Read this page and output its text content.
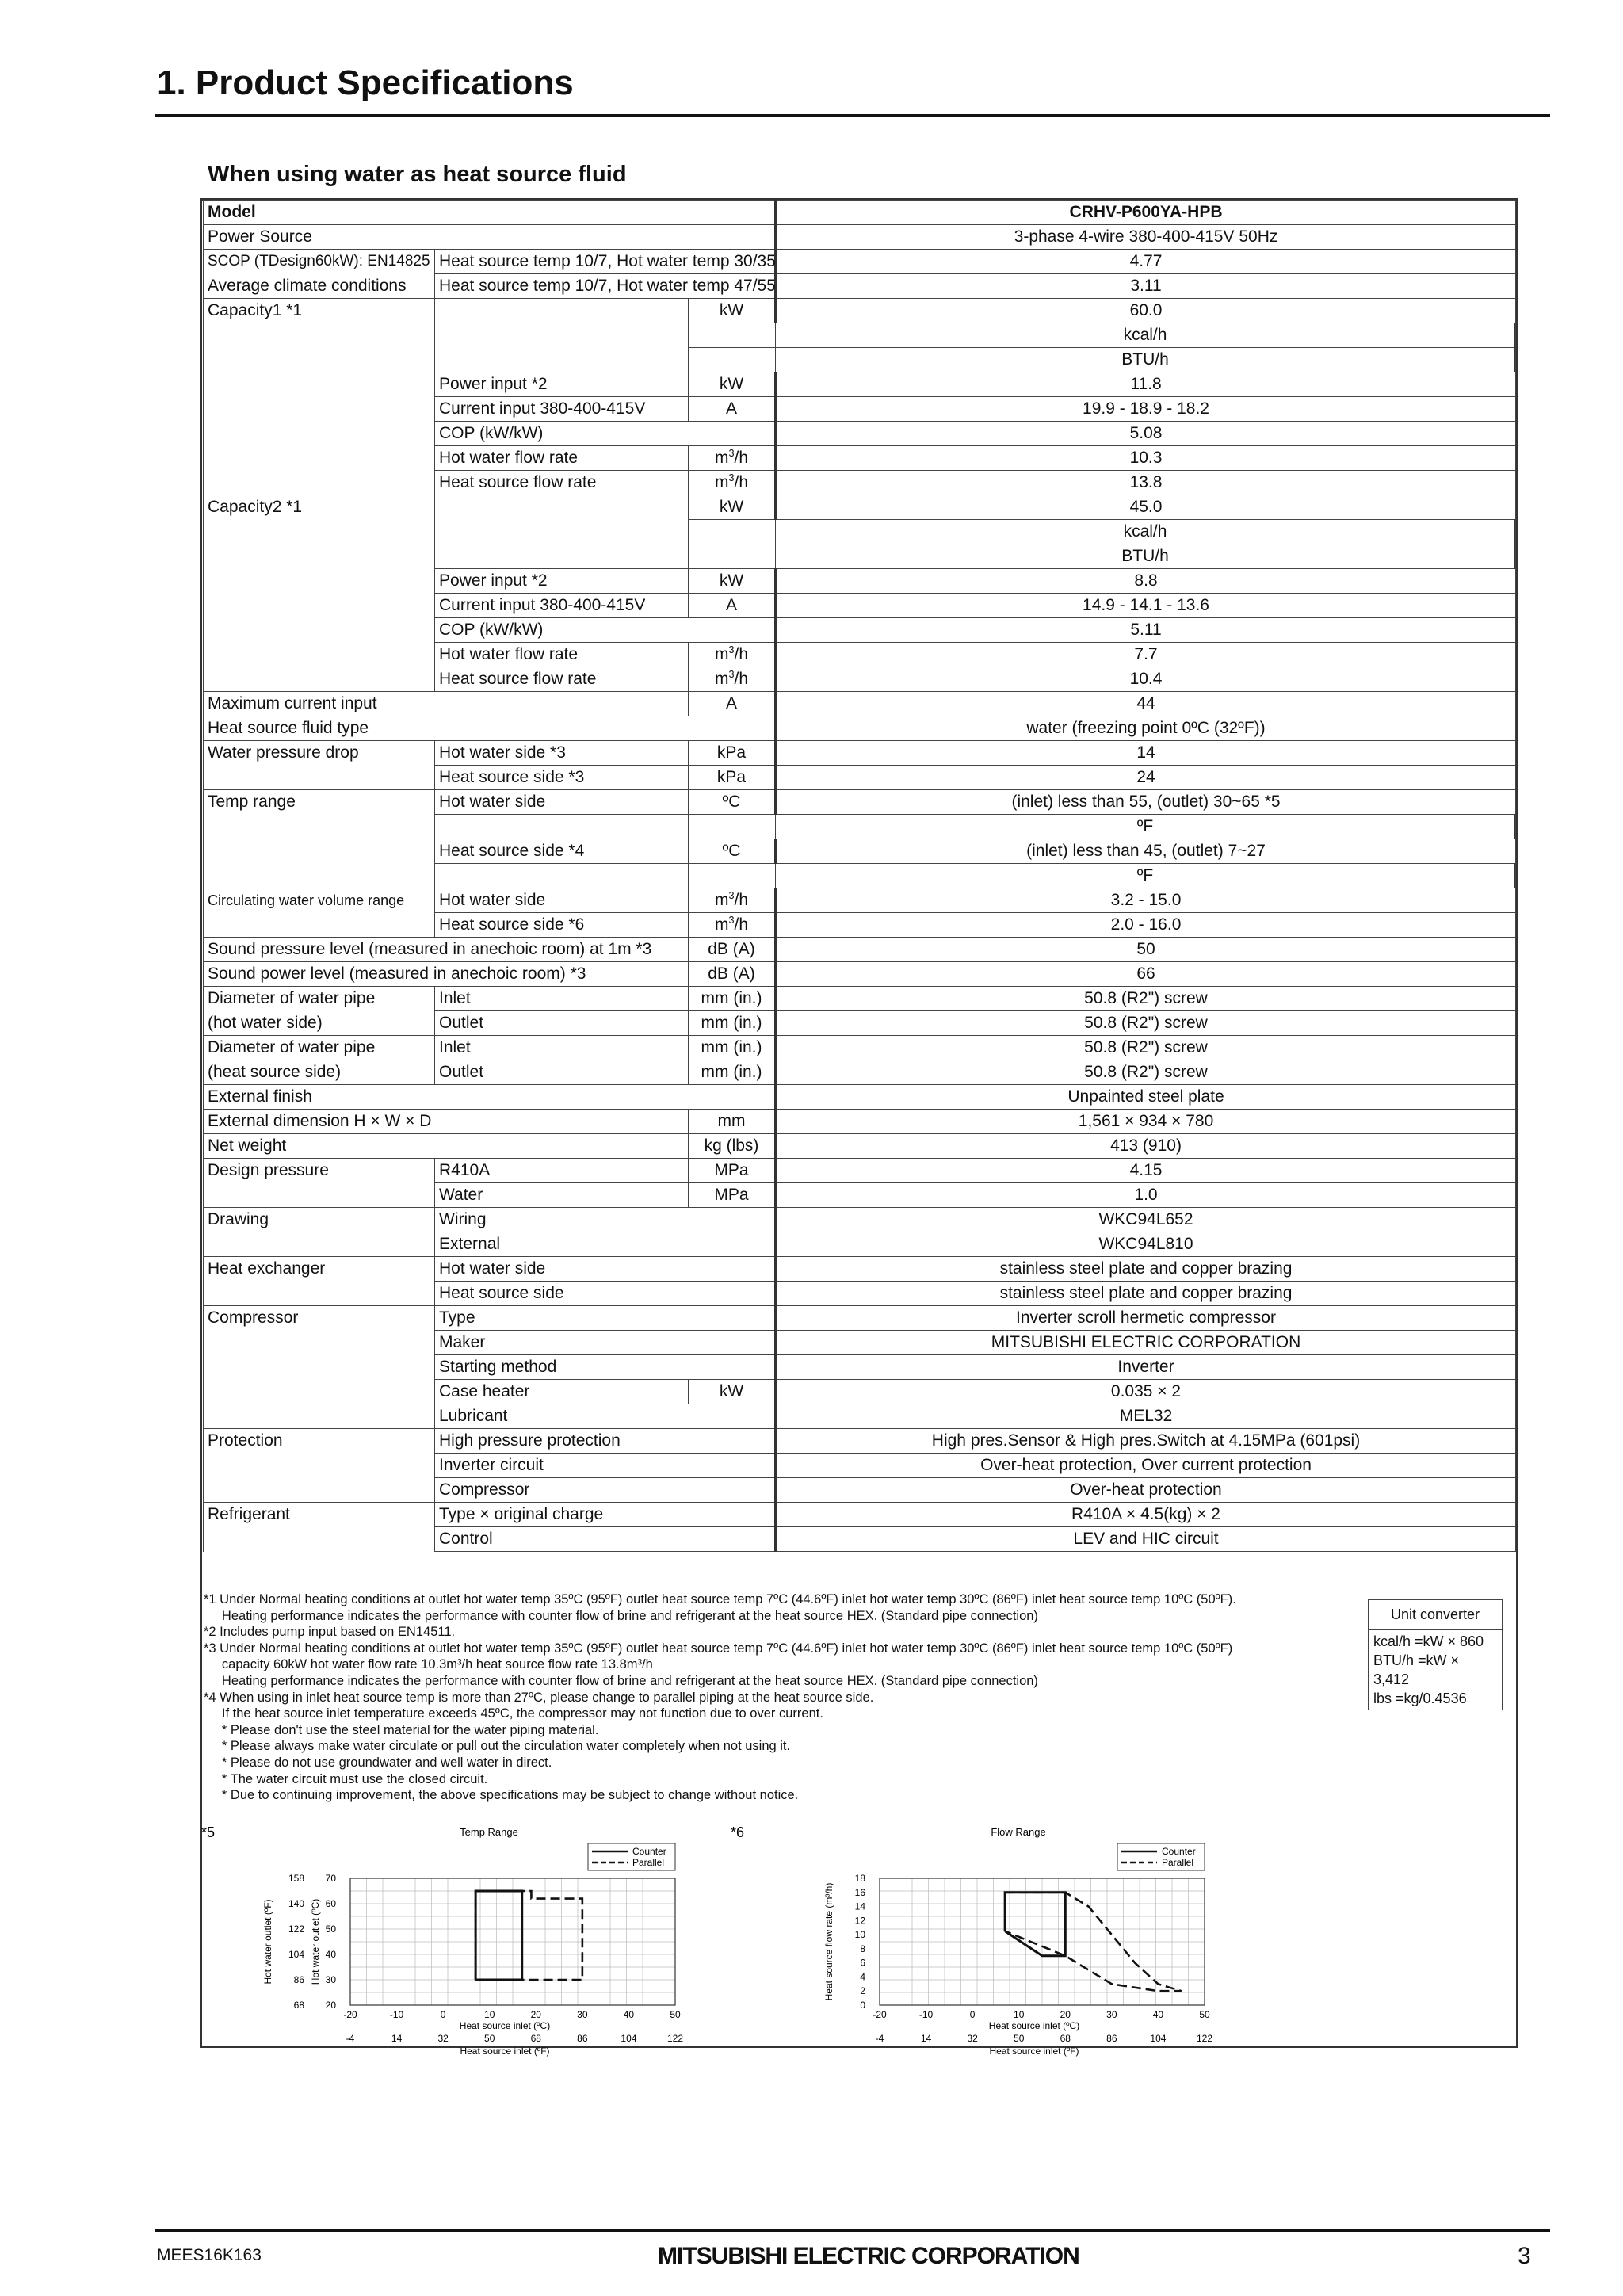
1. Product Specifications
When using water as heat source fluid
Model			CRHV-P600YA-HPB	
Power Source			3-phase 4-wire 380-400-415V 50Hz	
SCOP (TDesign60kW): EN14825	Heat source temp 10/7, Hot water temp 30/35		4.77	
Average climate conditions	Heat source temp 10/7, Hot water temp 47/55		3.11	
Capacity1 *1		kW	60.0	
			kcal/h	
			BTU/h	
	Power input *2	kW	11.8	
	Current input 380-400-415V	A	19.9 - 18.9 - 18.2	
	COP (kW/kW)		5.08	
	Hot water flow rate	$m^3/h$	10.3	
	Heat source flow rate	$m^3/h$	13.8	
Capacity2 *1		kW	45.0	
			kcal/h	
			BTU/h	
	Power input *2	kW	8.8	
	Current input 380-400-415V	A	14.9 - 14.1 - 13.6	
	COP (kW/kW)		5.11	
	Hot water flow rate	$m^3/h$	7.7	
	Heat source flow rate	$m^3/h$	10.4	
Maximum current input		A	44	
Heat source fluid type			water (freezing point 0ºC (32ºF))	
Water pressure drop	Hot water side *3	kPa	14	
	Heat source side *3	kPa	24	
Temp range	Hot water side	ºC	(inlet) less than 55, (outlet) 30~65 *5	
			ºF	
	Heat source side *4	ºC	(inlet) less than 45, (outlet) 7~27	
			ºF	
Circulating water volume range	Hot water side	$m^3/h$	3.2 - 15.0	
	Heat source side *6	$m^3/h$	2.0 - 16.0	
Sound pressure level (measured in anechoic room) at 1m *3		dB (A)	50	
Sound power level (measured in anechoic room) *3		dB (A)	66	
Diameter of water pipe	Inlet	mm (in.)	50.8 (R2") screw	
(hot water side)	Outlet	mm (in.)	50.8 (R2") screw	
Diameter of water pipe	Inlet	mm (in.)	50.8 (R2") screw	
(heat source side)	Outlet	mm (in.)	50.8 (R2") screw	
External finish			Unpainted steel plate	
External dimension H × W × D		mm	1,561 × 934 × 780	
Net weight		kg (lbs)	413 (910)	
Design pressure	R410A	MPa	4.15	
	Water	MPa	1.0	
Drawing	Wiring		WKC94L652	
	External		WKC94L810	
Heat exchanger	Hot water side		stainless steel plate and copper brazing	
	Heat source side		stainless steel plate and copper brazing	
Compressor	Type		Inverter scroll hermetic compressor	
	Maker		MITSUBISHI ELECTRIC CORPORATION	
	Starting method		Inverter	
	Case heater	kW	0.035 × 2	
	Lubricant		MEL32	
Protection	High pressure protection		High pres.Sensor & High pres.Switch at 4.15MPa (601psi)	
	Inverter circuit		Over-heat protection, Over current protection	
	Compressor		Over-heat protection	
Refrigerant	Type × original charge		R410A × 4.5(kg) × 2	
	Control		LEV and HIC circuit	
*1 Under Normal heating conditions at outlet hot water temp 35ºC (95ºF) outlet heat source temp 7ºC (44.6ºF) inlet hot water temp 30ºC (86ºF) inlet heat source temp 10ºC (50ºF).
Heating performance indicates the performance with counter flow of brine and refrigerant at the heat source HEX. (Standard pipe connection)
*2 Includes pump input based on EN14511.
*3 Under Normal heating conditions at outlet hot water temp 35ºC (95ºF) outlet heat source temp 7ºC (44.6ºF) inlet hot water temp 30ºC (86ºF) inlet heat source temp 10ºC (50ºF)
capacity 60kW hot water flow rate 10.3m³/h heat source flow rate 13.8m³/h
Heating performance indicates the performance with counter flow of brine and refrigerant at the heat source HEX. (Standard pipe connection)
*4 When using in inlet heat source temp is more than 27ºC, please change to parallel piping at the heat source side.
If the heat source inlet temperature exceeds 45ºC, the compressor may not function due to over current.
* Please don't use the steel material for the water piping material.
* Please always make water circulate or pull out the circulation water completely when not using it.
* Please do not use groundwater and well water in direct.
* The water circuit must use the closed circuit.
* Due to continuing improvement, the above specifications may be subject to change without notice.
Unit converter
kcal/h =kW × 860
BTU/h =kW × 3,412
lbs =kg/0.4536
*5	Temp Range
-20
-4
-10
14
0
32
10
50
20
68
30
86
40
104
50
122
Heat source inlet (ºC)
Heat source inlet (ºF)
20
68
30
86
40
104
50
122
60
140
70
158
Hot water outlet (ºC)
Hot water outlet (ºF)
Counter
Parallel
*6	Flow Range
-20
-4
-10
14
0
32
10
50
20
68
30
86
40
104
50
122
Heat source inlet (ºC)
Heat source inlet (ºF)
0
2
4
6
8
10
12
14
16
18
Heat source flow rate (m³/h)
Counter
Parallel
MEES16K163	MITSUBISHI ELECTRIC CORPORATION	3
